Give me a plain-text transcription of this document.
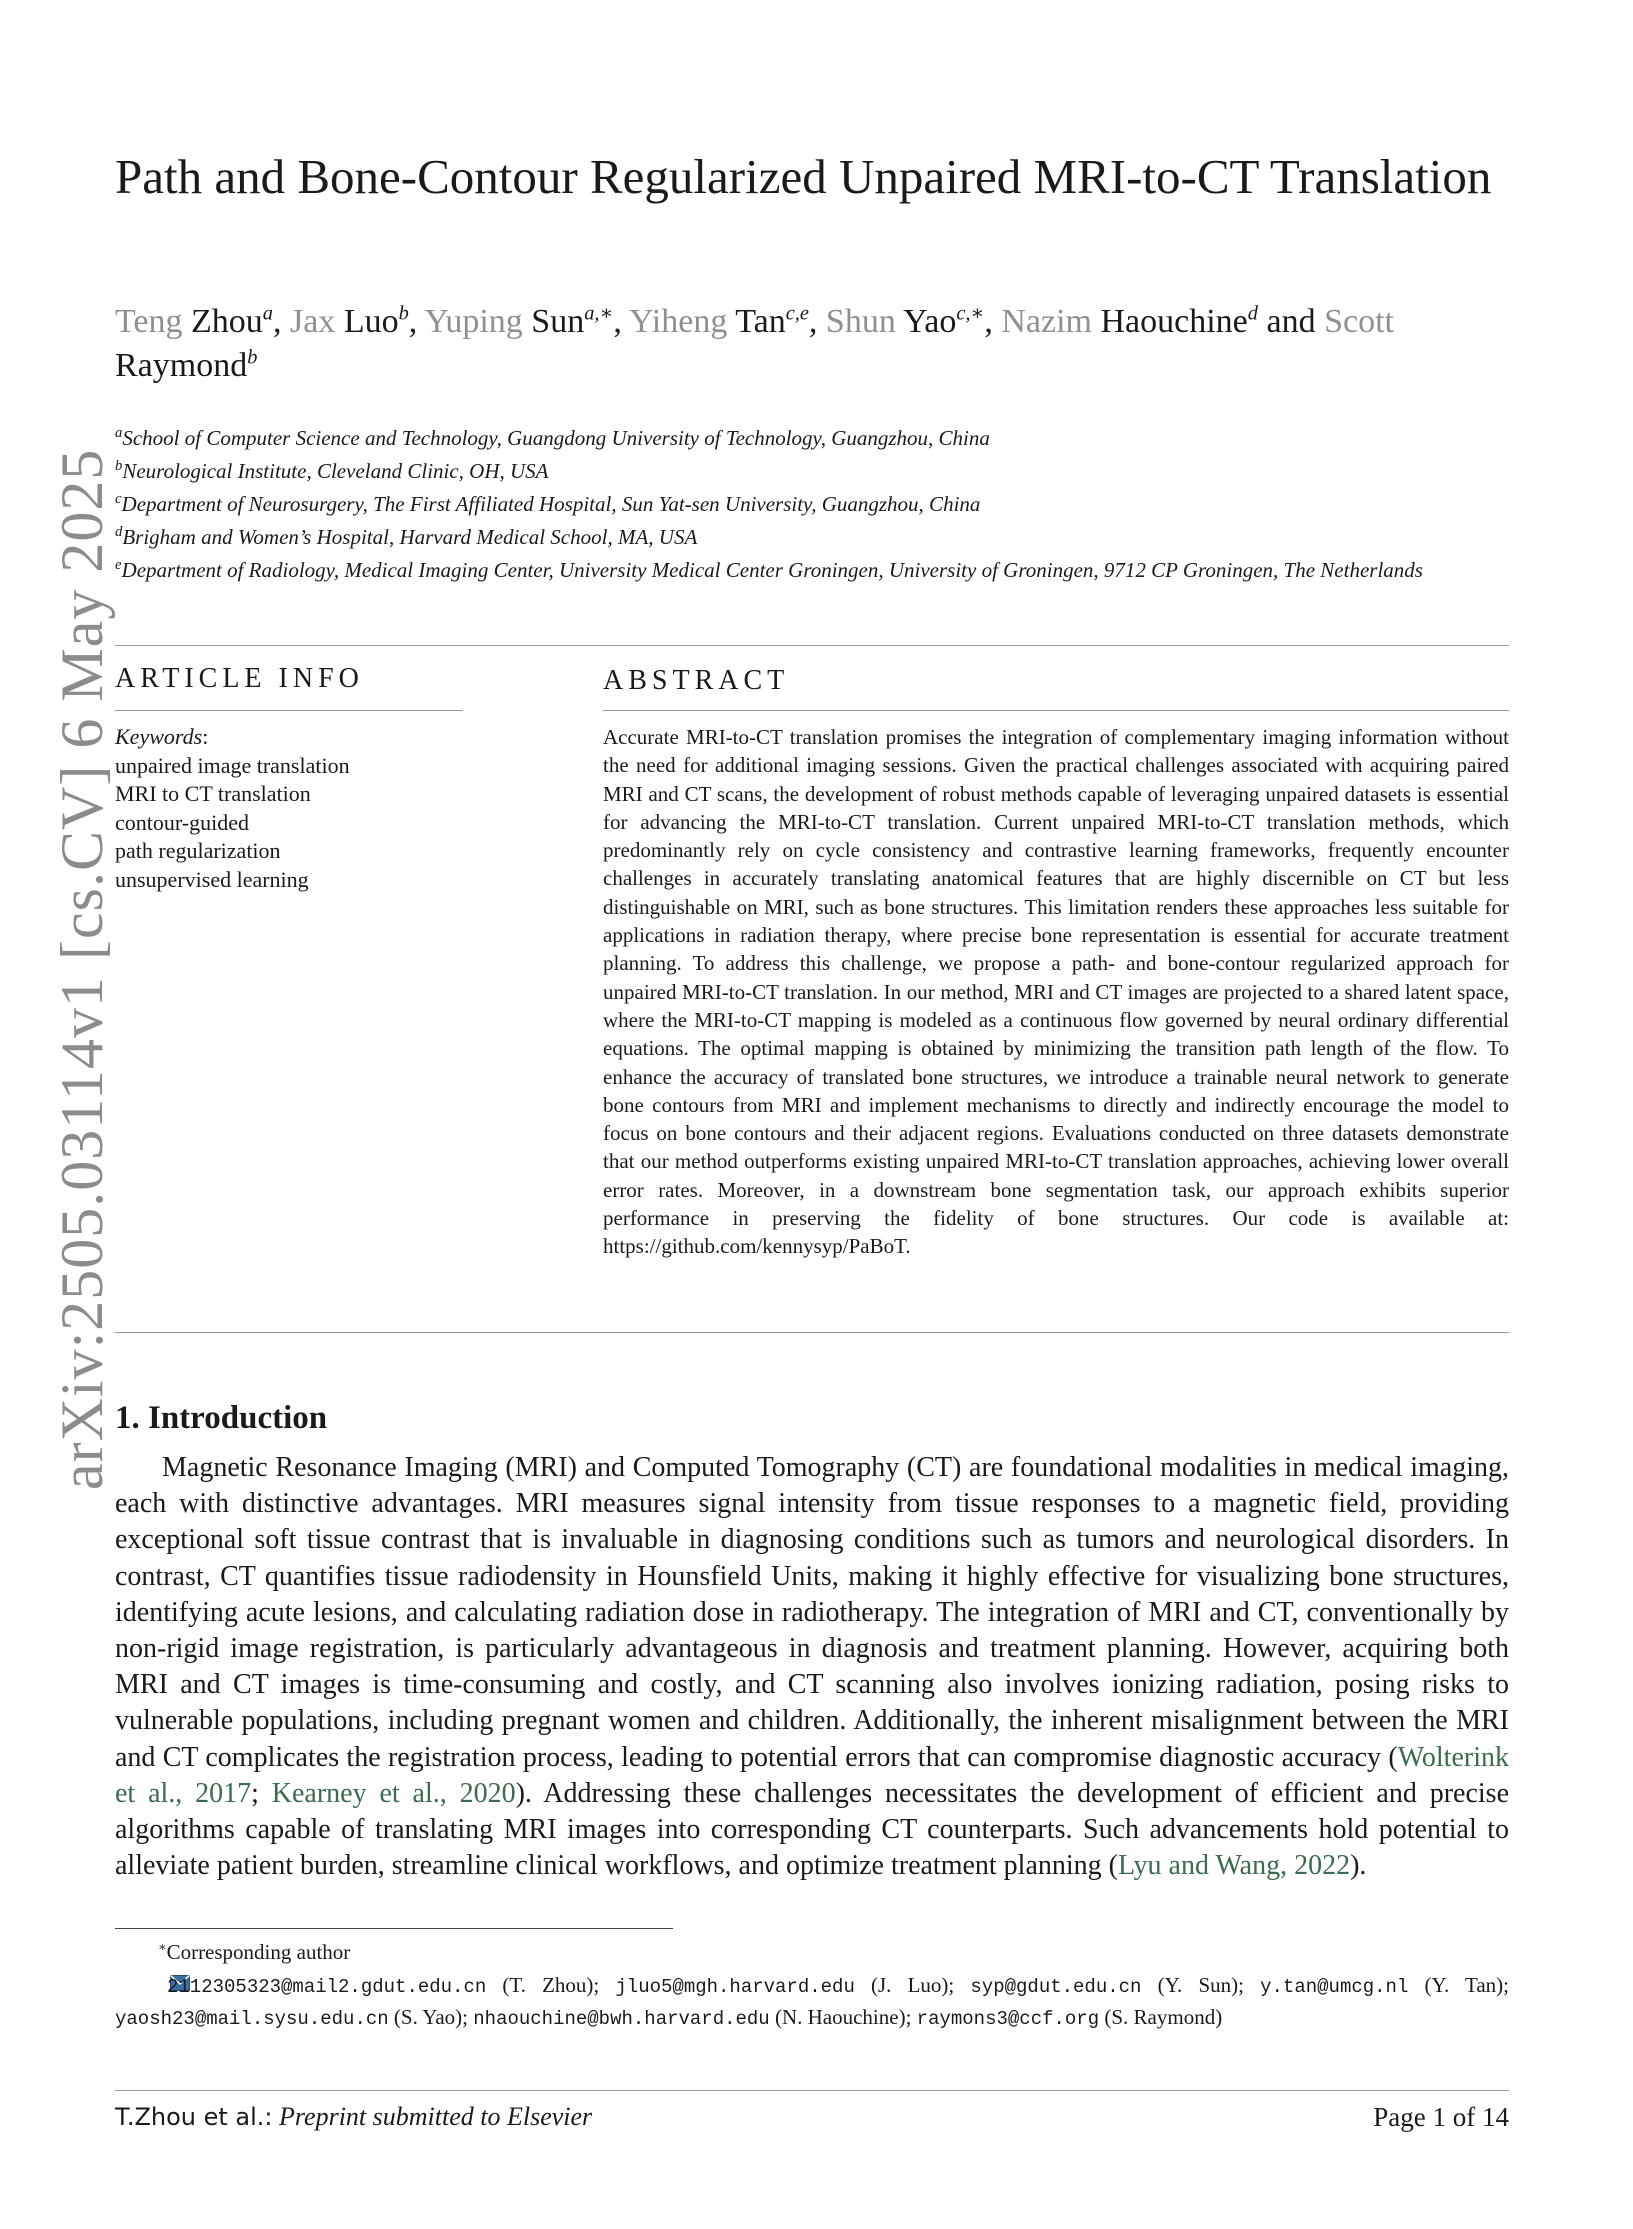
arXiv:2505.03114v1 [cs.CV] 6 May 2025
Path and Bone-Contour Regularized Unpaired MRI-to-CT Translation
Teng Zhou$^a$, Jax Luo$^b$, Yuping Sun$^{a,∗}$, Yiheng Tan$^{c,e}$, Shun Yao$^{c,∗}$, Nazim Haouchine$^d$ and Scott Raymond$^b$
$^a$School of Computer Science and Technology, Guangdong University of Technology, Guangzhou, China
$^b$Neurological Institute, Cleveland Clinic, OH, USA
$^c$Department of Neurosurgery, The First Affiliated Hospital, Sun Yat-sen University, Guangzhou, China
$^d$Brigham and Women’s Hospital, Harvard Medical School, MA, USA
$^e$Department of Radiology, Medical Imaging Center, University Medical Center Groningen, University of Groningen, 9712 CP Groningen, The Netherlands
ARTICLE INFO	ABSTRACT
Keywords:
unpaired image translation
MRI to CT translation
contour-guided
path regularization
unsupervised learning
Accurate MRI-to-CT translation promises the integration of complementary imaging information without the need for additional imaging sessions. Given the practical challenges associated with acquiring paired MRI and CT scans, the development of robust methods capable of leveraging unpaired datasets is essential for advancing the MRI-to-CT translation. Current unpaired MRI-to-CT translation methods, which predominantly rely on cycle consistency and contrastive learning frameworks, frequently encounter challenges in accurately translating anatomical features that are highly discernible on CT but less distinguishable on MRI, such as bone structures. This limitation renders these approaches less suitable for applications in radiation therapy, where precise bone representation is essential for accurate treatment planning. To address this challenge, we propose a path- and bone-contour regularized approach for unpaired MRI-to-CT translation. In our method, MRI and CT images are projected to a shared latent space, where the MRI-to-CT mapping is modeled as a continuous flow governed by neural ordinary differential equations. The optimal mapping is obtained by minimizing the transition path length of the flow. To enhance the accuracy of translated bone structures, we introduce a trainable neural network to generate bone contours from MRI and implement mechanisms to directly and indirectly encourage the model to focus on bone contours and their adjacent regions. Evaluations conducted on three datasets demonstrate that our method outperforms existing unpaired MRI-to-CT translation approaches, achieving lower overall error rates. Moreover, in a downstream bone segmentation task, our approach exhibits superior performance in preserving the fidelity of bone structures. Our code is available at: https://github.com/kennysyp/PaBoT.
1. Introduction
Magnetic Resonance Imaging (MRI) and Computed Tomography (CT) are foundational modalities in medical imaging, each with distinctive advantages. MRI measures signal intensity from tissue responses to a magnetic field, providing exceptional soft tissue contrast that is invaluable in diagnosing conditions such as tumors and neurological disorders. In contrast, CT quantifies tissue radiodensity in Hounsfield Units, making it highly effective for visualizing bone structures, identifying acute lesions, and calculating radiation dose in radiotherapy. The integration of MRI and CT, conventionally by non-rigid image registration, is particularly advantageous in diagnosis and treatment planning. However, acquiring both MRI and CT images is time-consuming and costly, and CT scanning also involves ionizing radiation, posing risks to vulnerable populations, including pregnant women and children. Additionally, the inherent misalignment between the MRI and CT complicates the registration process, leading to potential errors that can compromise diagnostic accuracy (Wolterink et al., 2017; Kearney et al., 2020). Addressing these challenges necessitates the development of efficient and precise algorithms capable of translating MRI images into corresponding CT counterparts. Such advancements hold potential to alleviate patient burden, streamline clinical workflows, and optimize treatment planning (Lyu and Wang, 2022).
∗Corresponding author
2112305323@mail2.gdut.edu.cn (T. Zhou); jluo5@mgh.harvard.edu (J. Luo); syp@gdut.edu.cn (Y. Sun); y.tan@umcg.nl (Y. Tan); yaosh23@mail.sysu.edu.cn (S. Yao); nhaouchine@bwh.harvard.edu (N. Haouchine); raymons3@ccf.org (S. Raymond)
T.Zhou et al.: Preprint submitted to Elsevier	Page 1 of 14
